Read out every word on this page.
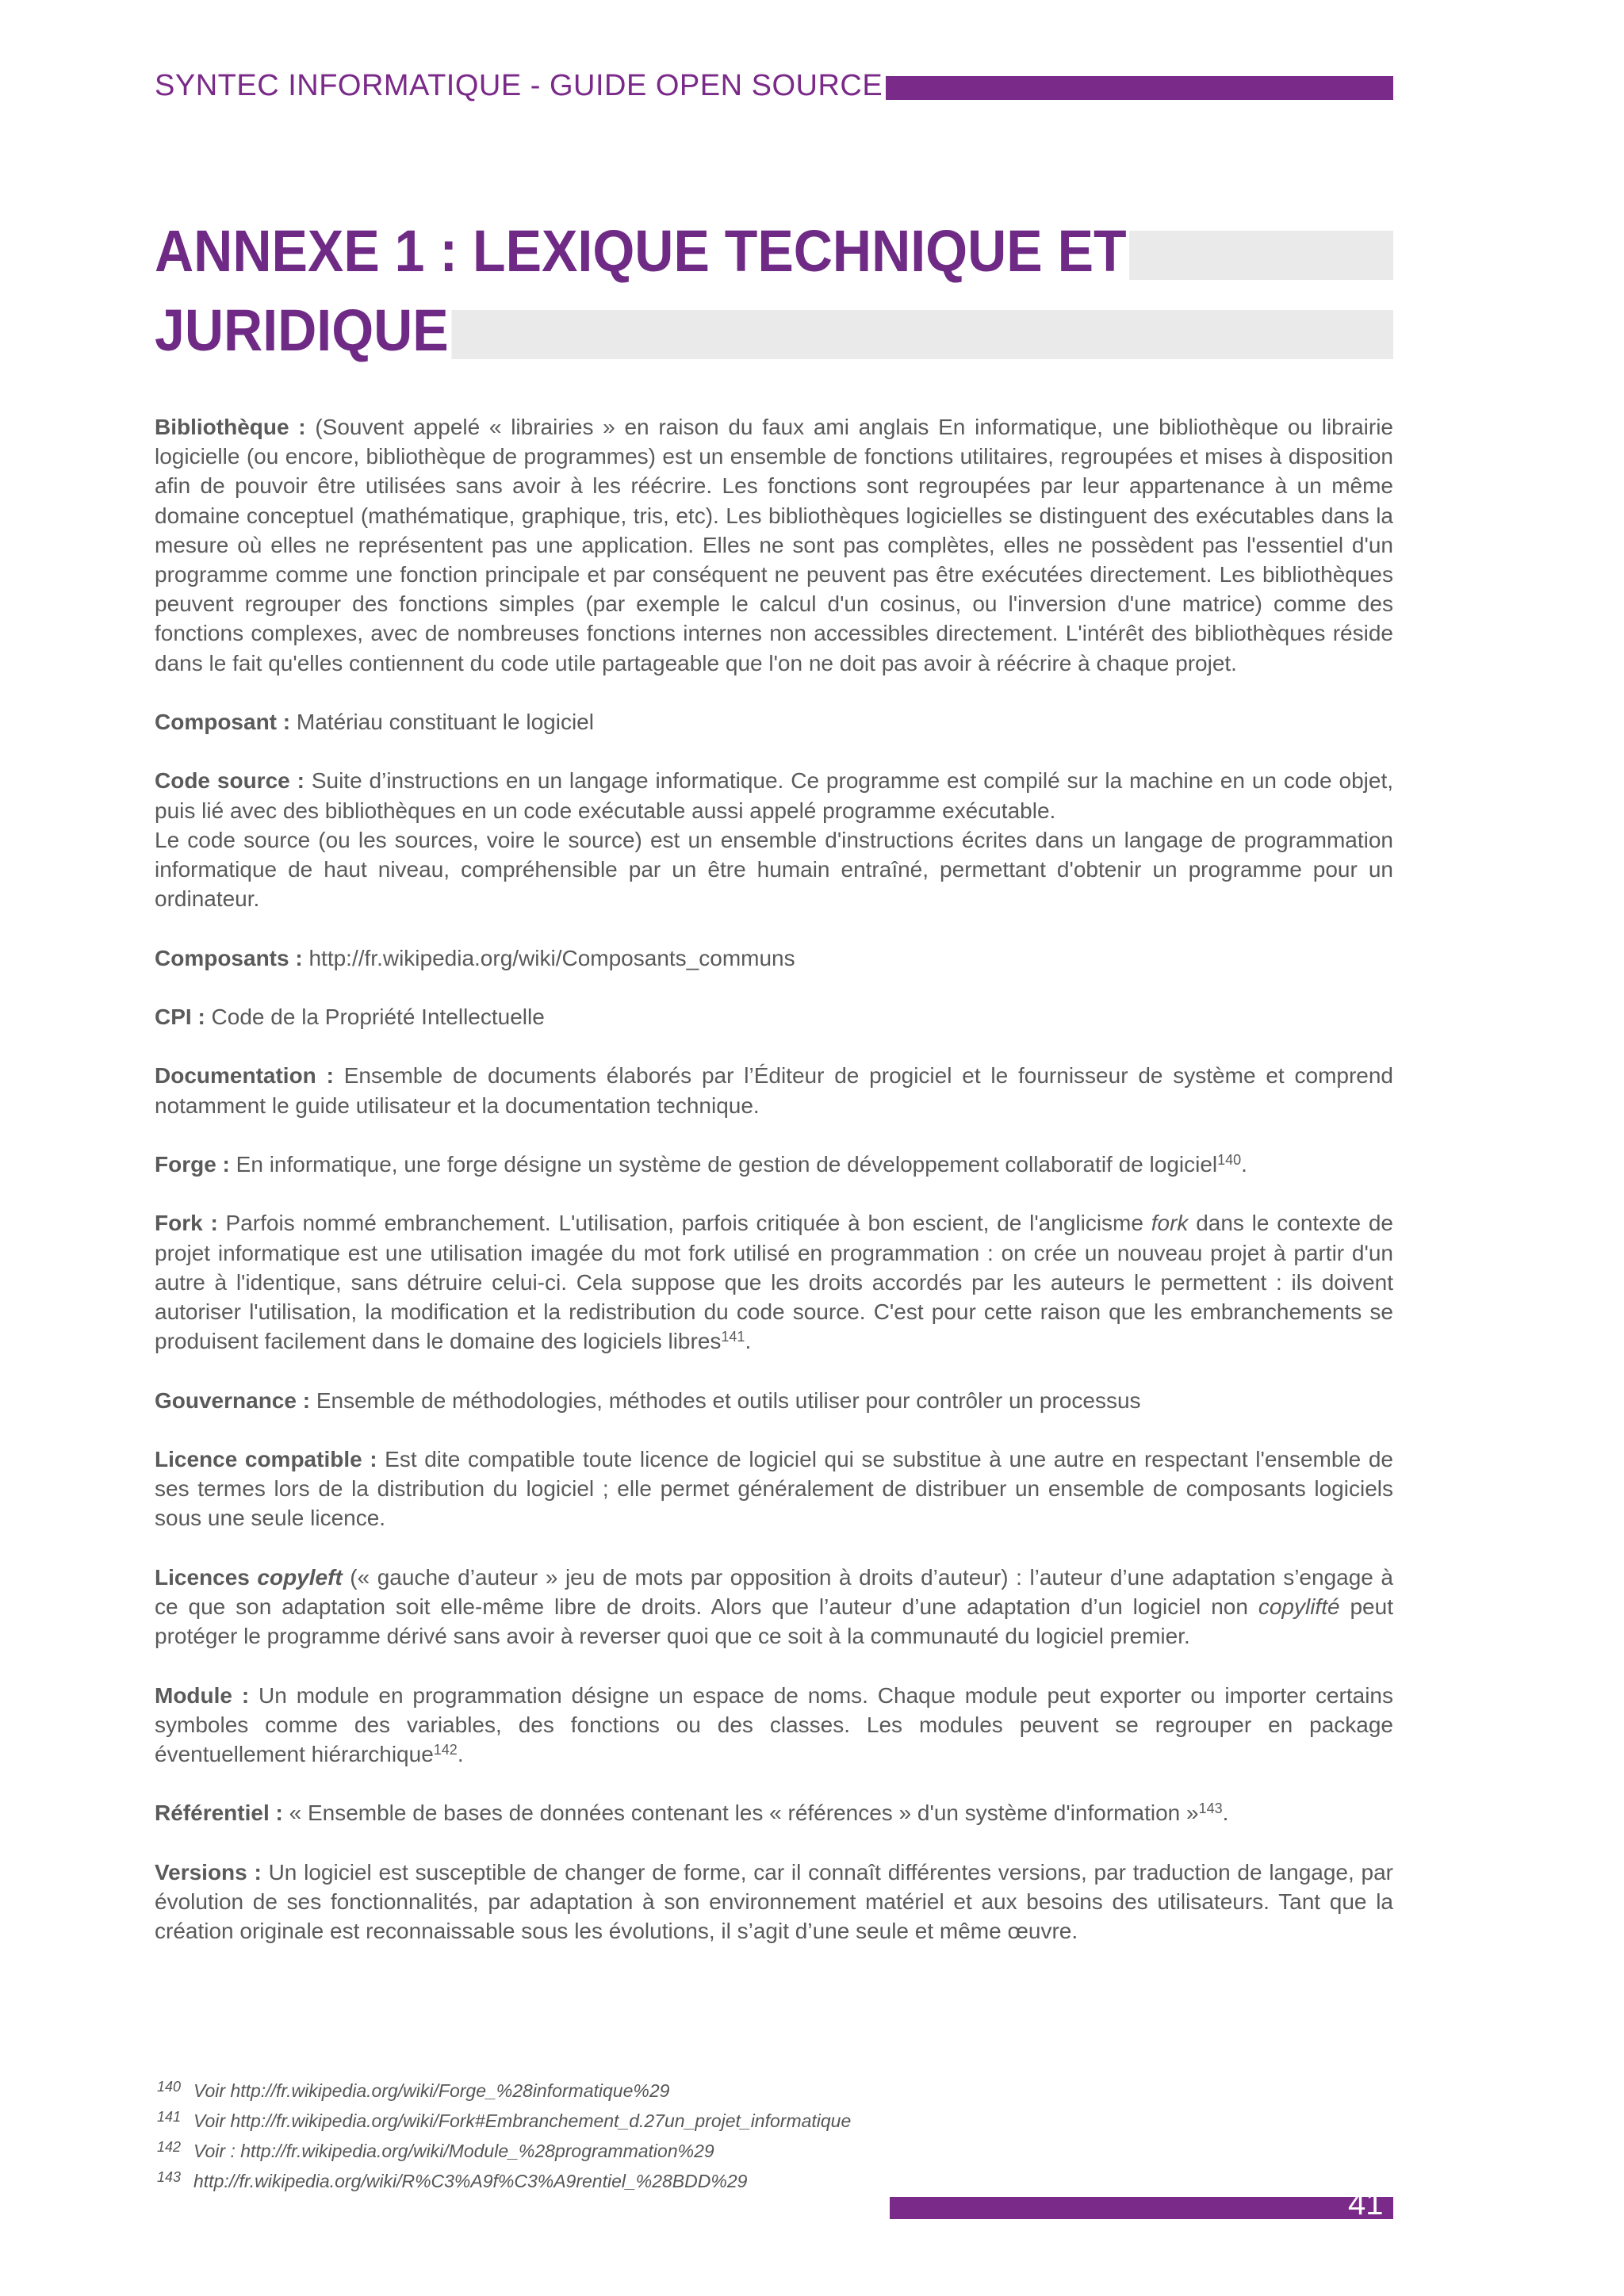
SYNTEC INFORMATIQUE - GUIDE OPEN SOURCE
ANNEXE 1 : LEXIQUE TECHNIQUE ET
JURIDIQUE

Bibliothèque : (Souvent appelé « librairies » en raison du faux ami anglais En informatique, une bibliothèque ou librairie logicielle (ou encore, bibliothèque de programmes) est un ensemble de fonctions utilitaires, regroupées et mises à disposition afin de pouvoir être utilisées sans avoir à les réécrire. Les fonctions sont regroupées par leur appartenance à un même domaine conceptuel (mathématique, graphique, tris, etc). Les bibliothèques logicielles se distinguent des exécutables dans la mesure où elles ne représentent pas une application. Elles ne sont pas complètes, elles ne possèdent pas l'essentiel d'un programme comme une fonction principale et par conséquent ne peuvent pas être exécutées directement. Les bibliothèques peuvent regrouper des fonctions simples (par exemple le calcul d'un cosinus, ou l'inversion d'une matrice) comme des fonctions complexes, avec de nombreuses fonctions internes non accessibles directement. L'intérêt des bibliothèques réside dans le fait qu'elles contiennent du code utile partageable que l'on ne doit pas avoir à réécrire à chaque projet.

Composant : Matériau constituant le logiciel

Code source : Suite d’instructions en un langage informatique. Ce programme est compilé sur la machine en un code objet, puis lié avec des bibliothèques en un code exécutable aussi appelé programme exécutable.
Le code source (ou les sources, voire le source) est un ensemble d'instructions écrites dans un langage de programmation informatique de haut niveau, compréhensible par un être humain entraîné, permettant d'obtenir un programme pour un ordinateur.

Composants : http://fr.wikipedia.org/wiki/Composants_communs

CPI : Code de la Propriété Intellectuelle

Documentation : Ensemble de documents élaborés par l’Éditeur de progiciel et le fournisseur de système et comprend notamment le guide utilisateur et la documentation technique.

Forge : En informatique, une forge désigne un système de gestion de développement collaboratif de logiciel$^{140}$.

Fork : Parfois nommé embranchement. L'utilisation, parfois critiquée à bon escient, de l'anglicisme fork dans le contexte de projet informatique est une utilisation imagée du mot fork utilisé en programmation : on crée un nouveau projet à partir d'un autre à l'identique, sans détruire celui-ci. Cela suppose que les droits accordés par les auteurs le permettent : ils doivent autoriser l'utilisation, la modification et la redistribution du code source. C'est pour cette raison que les embranchements se produisent facilement dans le domaine des logiciels libres$^{141}$.

Gouvernance : Ensemble de méthodologies, méthodes et outils utiliser pour contrôler un processus

Licence compatible : Est dite compatible toute licence de logiciel qui se substitue à une autre en respectant l'ensemble de ses termes lors de la distribution du logiciel ; elle permet généralement de distribuer un ensemble de composants logiciels sous une seule licence.

Licences copyleft (« gauche d’auteur » jeu de mots par opposition à droits d’auteur) : l’auteur d’une adaptation s’engage à ce que son adaptation soit elle-même libre de droits. Alors que l’auteur d’une adaptation d’un logiciel non copylifté peut protéger le programme dérivé sans avoir à reverser quoi que ce soit à la communauté du logiciel premier.

Module : Un module en programmation désigne un espace de noms. Chaque module peut exporter ou importer certains symboles comme des variables, des fonctions ou des classes. Les modules peuvent se regrouper en package éventuellement hiérarchique$^{142}$.

Référentiel : « Ensemble de bases de données contenant les « références » d'un système d'information »$^{143}$.

Versions : Un logiciel est susceptible de changer de forme, car il connaît différentes versions, par traduction de langage, par évolution de ses fonctionnalités, par adaptation à son environnement matériel et aux besoins des utilisateurs. Tant que la création originale est reconnaissable sous les évolutions, il s’agit d’une seule et même œuvre.

140 Voir http://fr.wikipedia.org/wiki/Forge_%28informatique%29
141 Voir http://fr.wikipedia.org/wiki/Fork#Embranchement_d.27un_projet_informatique
142 Voir : http://fr.wikipedia.org/wiki/Module_%28programmation%29
143 http://fr.wikipedia.org/wiki/R%C3%A9f%C3%A9rentiel_%28BDD%29
41
